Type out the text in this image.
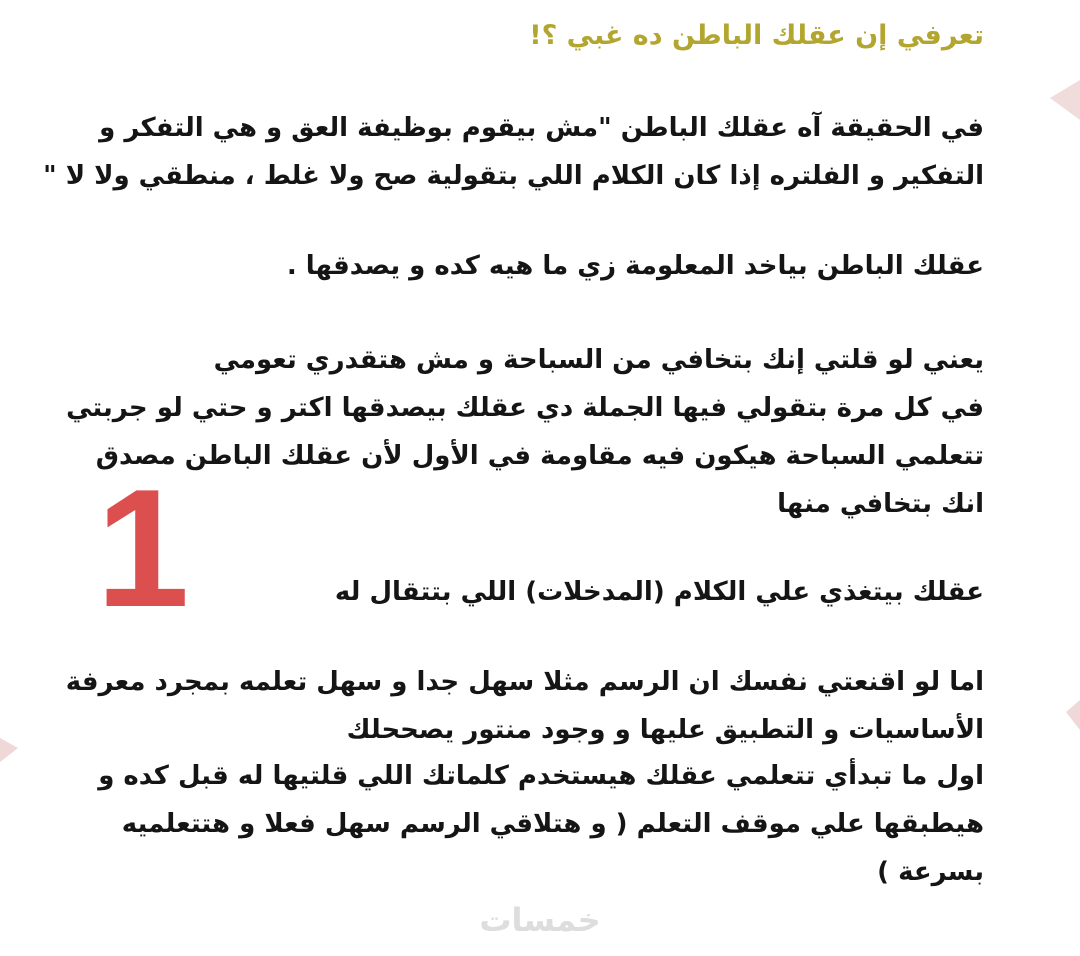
تعرفي إن عقلك الباطن ده غبي ؟!
في الحقيقة آه عقلك الباطن "مش بيقوم بوظيفة العق و هي التفكر و
التفكير و الفلتره إذا كان الكلام اللي بتقولية صح ولا غلط ، منطقي ولا لا "
عقلك الباطن بياخد المعلومة زي ما هيه كده و يصدقها .
يعني لو قلتي إنك بتخافي من السباحة و مش هتقدري تعومي
في كل مرة بتقولي فيها الجملة دي عقلك بيصدقها اكتر و حتي لو جربتي
تتعلمي السباحة هيكون فيه مقاومة في الأول لأن عقلك الباطن مصدق
انك بتخافي منها
عقلك بيتغذي علي الكلام (المدخلات) اللي بتتقال له
اما لو اقنعتي نفسك ان الرسم مثلا سهل جدا و سهل تعلمه بمجرد معرفة
الأساسيات و التطبيق عليها و وجود منتور يصححلك
اول ما تبدأي تتعلمي عقلك هيستخدم كلماتك اللي قلتيها له قبل كده و
هيطبقها علي موقف التعلم ( و هتلاقي الرسم سهل فعلا و هتتعلميه
بسرعة )
1
خمسات
